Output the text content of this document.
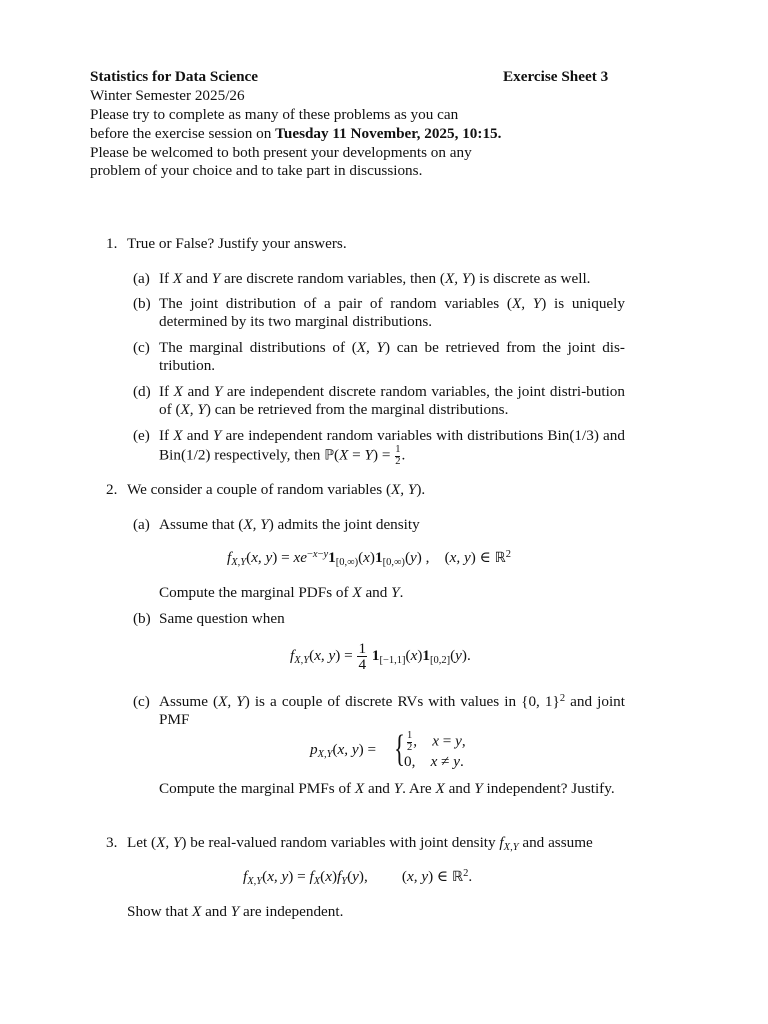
Statistics for Data Science	Exercise Sheet 3
Winter Semester 2025/26
Please try to complete as many of these problems as you can
before the exercise session on Tuesday 11 November, 2025, 10:15.
Please be welcomed to both present your developments on any
problem of your choice and to take part in discussions.
1. True or False? Justify your answers.
(a) If X and Y are discrete random variables, then (X, Y) is discrete as well.
(b) The joint distribution of a pair of random variables (X, Y) is uniquely determined by its two marginal distributions.
(c) The marginal distributions of (X, Y) can be retrieved from the joint dis-tribution.
(d) If X and Y are independent discrete random variables, the joint distri-bution of (X, Y) can be retrieved from the marginal distributions.
(e) If X and Y are independent random variables with distributions Bin(1/3) and Bin(1/2) respectively, then ℙ(X = $Y) = \frac{1}{2}$ .
2. We consider a couple of random variables (X, Y).
(a) Assume that (X, Y) admits the joint density
$f_{X,Y}(x$, $y) = xe^{-x-y}1_{[0,\infty)}(x)1_{[0,\infty)}(y)$ ,    (x, y) ∈ ℝ$^2$
Compute the marginal PDFs of X and Y.
(b) Same question when
$f_{X,Y}(x$, $y) = \frac{1}{4} 1_{[-1,1]}(x)1_{[0,2]}(y)$.
(c) Assume (X, Y) is a couple of discrete RVs with values in {0, 1}$^2$ and joint PMF
$p_{X,Y}(x$, y) = { $\frac{1}{2}$ ,    x = y,
0,    x ≠ y.
Compute the marginal PMFs of X and Y. Are X and Y independent? Justify.
3. Let (X, Y) be real-valued random variables with joint density $f_{X,Y}$ and assume
$f_{X,Y}(x$, $y) = f_X(x)f_Y(y)$,         (x, y) ∈ ℝ$^2$.
Show that X and Y are independent.
